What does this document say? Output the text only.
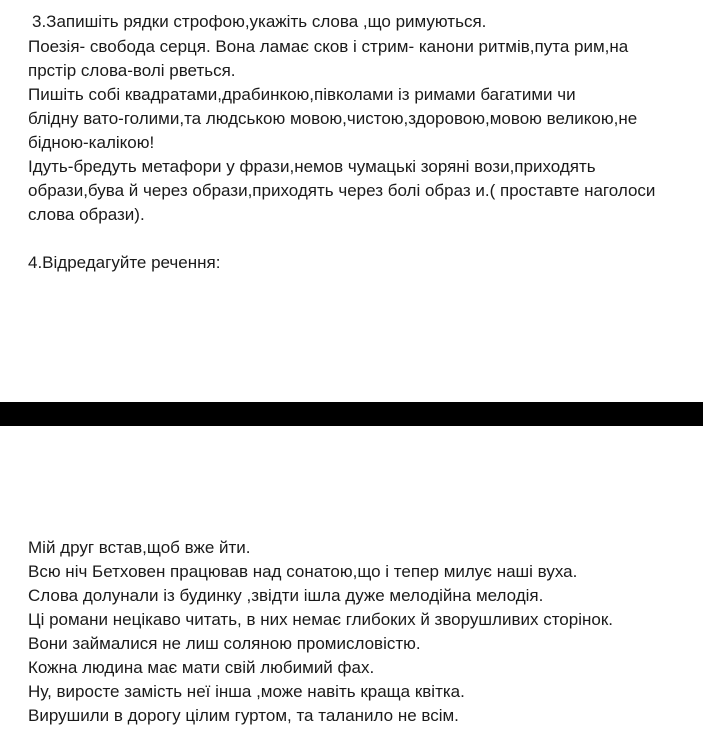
3.Запишіть рядки строфою,укажіть слова ,що римуються.
Поезія- свобода серця. Вона ламає сков і стрим- канони ритмів,пута рим,на
прстір слова-волі рветься.
Пишіть собі квадратами,драбинкою,півколами із римами багатими чи
блідну вато-голими,та людською мовою,чистою,здоровою,мовою великою,не
бідною-калікою!
Ідуть-бредуть метафори у фрази,немов чумацькі зоряні вози,приходять
образи,бува й через образи,приходять через болі образ и.( проставте наголоси
слова образи).
4.Відредагуйте речення:
Мій друг встав,щоб вже йти.
Всю ніч Бетховен працював над сонатою,що і тепер милує наші вуха.
Слова долунали із будинку ,звідти ішла дуже мелодійна мелодія.
Ці романи нецікаво читать, в них немає глибоких й зворушливих сторінок.
Вони займалися не лиш соляною промисловістю.
Кожна людина має мати свій любимий фах.
Ну, виросте замість неї інша ,може навіть краща квітка.
Вирушили в дорогу цілим гуртом, та таланило не всім.
